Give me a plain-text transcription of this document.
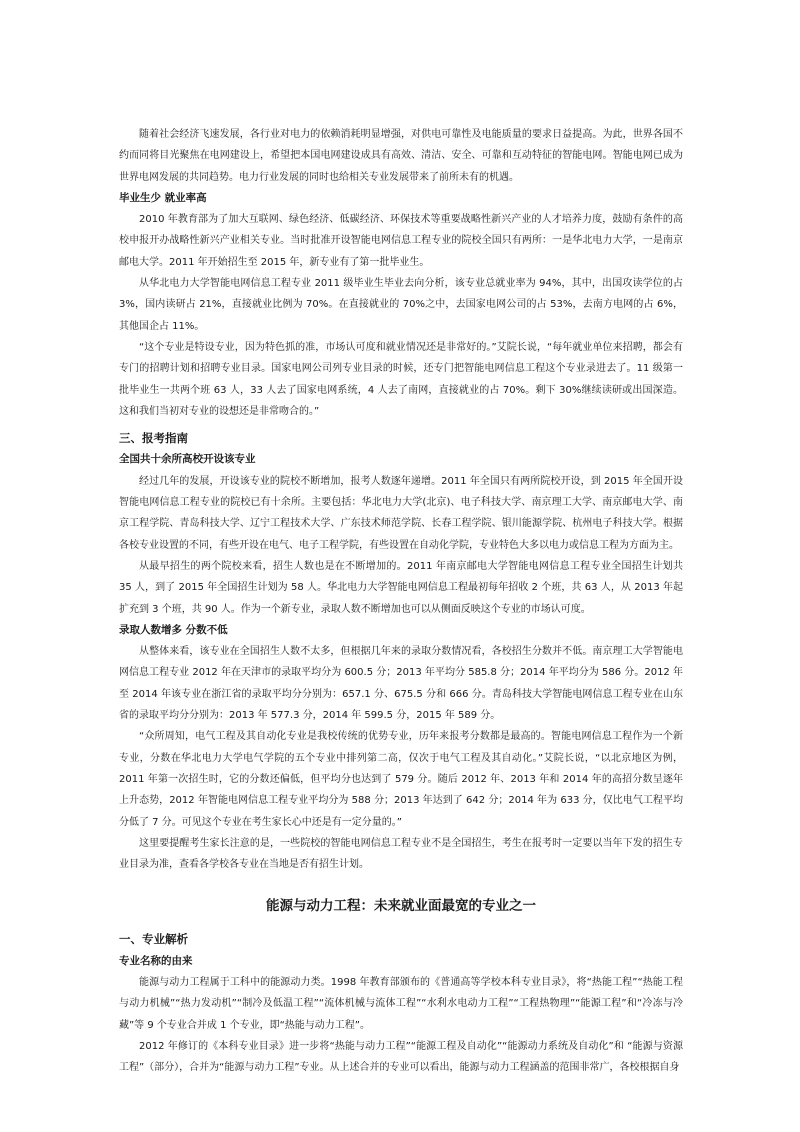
随着社会经济飞速发展，各行业对电力的依赖消耗明显增强，对供电可靠性及电能质量的要求日益提高。为此，世界各国不约而同将目光聚焦在电网建设上，希望把本国电网建设成具有高效、清洁、安全、可靠和互动特征的智能电网。智能电网已成为世界电网发展的共同趋势。电力行业发展的同时也给相关专业发展带来了前所未有的机遇。

毕业生少 就业率高

2010 年教育部为了加大互联网、绿色经济、低碳经济、环保技术等重要战略性新兴产业的人才培养力度，鼓励有条件的高校申报开办战略性新兴产业相关专业。当时批准开设智能电网信息工程专业的院校全国只有两所：一是华北电力大学，一是南京邮电大学。2011 年开始招生至 2015 年，新专业有了第一批毕业生。

从华北电力大学智能电网信息工程专业 2011 级毕业生毕业去向分析，该专业总就业率为 94%，其中，出国攻读学位的占 3%，国内读研占 21%，直接就业比例为 70%。在直接就业的 70%之中，去国家电网公司的占 53%，去南方电网的占 6%，其他国企占 11%。

“这个专业是特设专业，因为特色抓的准，市场认可度和就业情况还是非常好的。”艾院长说，“每年就业单位来招聘，都会有专门的招聘计划和招聘专业目录。国家电网公司列专业目录的时候，还专门把智能电网信息工程这个专业录进去了。11 级第一批毕业生一共两个班 63 人，33 人去了国家电网系统，4 人去了南网，直接就业的占 70%。剩下 30%继续读研或出国深造。这和我们当初对专业的设想还是非常吻合的。”

三、报考指南
全国共十余所高校开设该专业

经过几年的发展，开设该专业的院校不断增加，报考人数逐年递增。2011 年全国只有两所院校开设，到 2015 年全国开设智能电网信息工程专业的院校已有十余所。主要包括：华北电力大学(北京)、电子科技大学、南京理工大学、南京邮电大学、南京工程学院、青岛科技大学、辽宁工程技术大学、广东技术师范学院、长春工程学院、银川能源学院、杭州电子科技大学。根据各校专业设置的不同，有些开设在电气、电子工程学院，有些设置在自动化学院，专业特色大多以电力或信息工程为方面为主。

从最早招生的两个院校来看，招生人数也是在不断增加的。2011 年南京邮电大学智能电网信息工程专业全国招生计划共 35 人，到了 2015 年全国招生计划为 58 人。华北电力大学智能电网信息工程最初每年招收 2 个班，共 63 人，从 2013 年起扩充到 3 个班，共 90 人。作为一个新专业，录取人数不断增加也可以从侧面反映这个专业的市场认可度。

录取人数增多 分数不低

从整体来看，该专业在全国招生人数不太多，但根据几年来的录取分数情况看，各校招生分数并不低。南京理工大学智能电网信息工程专业 2012 年在天津市的录取平均分为 600.5 分；2013 年平均分 585.8 分；2014 年平均分为 586 分。2012 年至 2014 年该专业在浙江省的录取平均分分别为：657.1 分、675.5 分和 666 分。青岛科技大学智能电网信息工程专业在山东省的录取平均分分别为：2013 年 577.3 分，2014 年 599.5 分，2015 年 589 分。

“众所周知，电气工程及其自动化专业是我校传统的优势专业，历年来报考分数都是最高的。智能电网信息工程作为一个新专业，分数在华北电力大学电气学院的五个专业中排列第二高，仅次于电气工程及其自动化。”艾院长说，“以北京地区为例，2011 年第一次招生时，它的分数还偏低，但平均分也达到了 579 分。随后 2012 年、2013 年和 2014 年的高招分数呈逐年上升态势，2012 年智能电网信息工程专业平均分为 588 分；2013 年达到了 642 分；2014 年为 633 分，仅比电气工程平均分低了 7 分。可见这个专业在考生家长心中还是有一定分量的。”

这里要提醒考生家长注意的是，一些院校的智能电网信息工程专业不是全国招生，考生在报考时一定要以当年下发的招生专业目录为准，查看各学校各专业在当地是否有招生计划。

能源与动力工程：未来就业面最宽的专业之一
一、专业解析
专业名称的由来

能源与动力工程属于工科中的能源动力类。1998 年教育部颁布的《普通高等学校本科专业目录》，将“热能工程”“热能工程与动力机械”“热力发动机”“制冷及低温工程”“流体机械与流体工程”“水利水电动力工程”“工程热物理”“能源工程”和“冷冻与冷藏”等 9 个专业合并成 1 个专业，即“热能与动力工程”。

2012 年修订的《本科专业目录》进一步将“热能与动力工程”“能源工程及自动化”“能源动力系统及自动化”和 “能源与资源工程”（部分），合并为“能源与动力工程”专业。从上述合并的专业可以看出，能源与动力工程涵盖的范围非常广，各校根据自身
